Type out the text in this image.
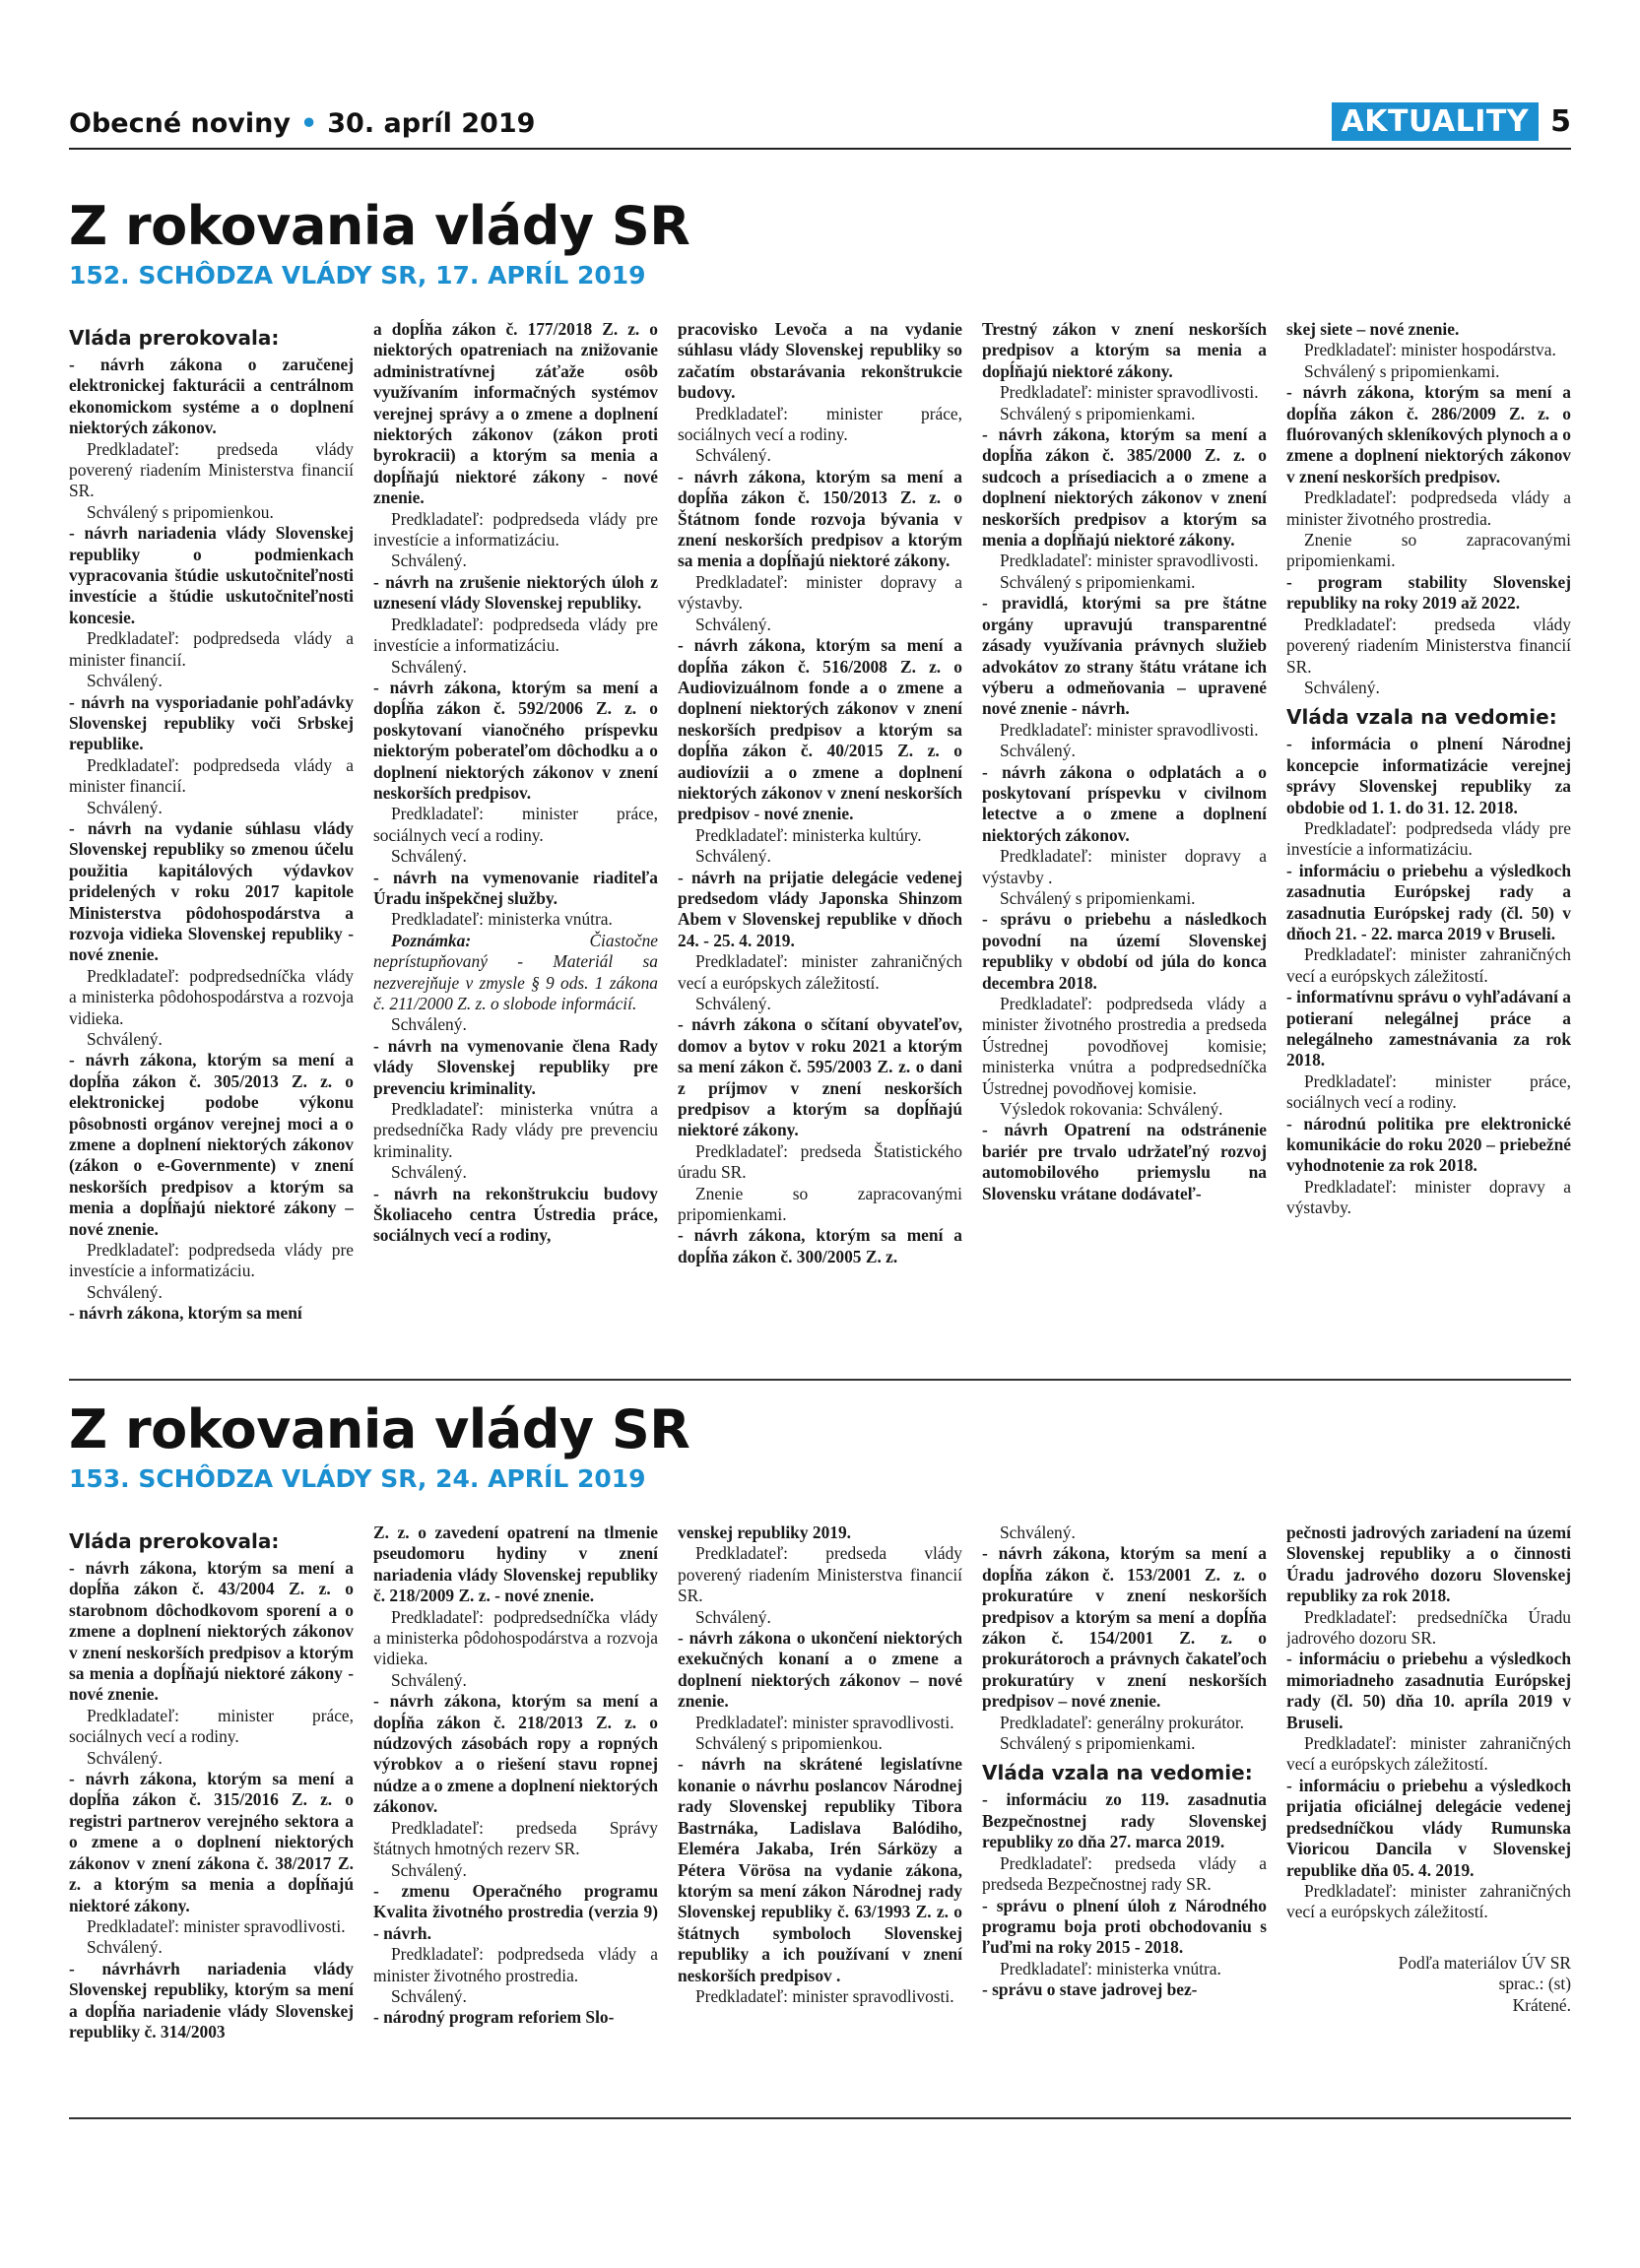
Obecné noviny • 30. apríl 2019	AKTUALITY 5
Z rokovania vlády SR
152. SCHÔDZA VLÁDY SR, 17. APRÍL 2019

Vláda prerokovala:

- návrh zákona o zaručenej elektronickej fakturácii a centrálnom ekonomickom systéme a o doplnení niektorých zákonov.

Predkladateľ: predseda vlády poverený riadením Ministerstva financií SR.

Schválený s pripomienkou.

- návrh nariadenia vlády Slovenskej republiky o podmienkach vypracovania štúdie uskutočniteľnosti investície a štúdie uskutočniteľnosti koncesie.

Predkladateľ: podpredseda vlády a minister financií.

Schválený.

- návrh na vysporiadanie pohľadávky Slovenskej republiky voči Srbskej republike.

Predkladateľ: podpredseda vlády a minister financií.

Schválený.

- návrh na vydanie súhlasu vlády Slovenskej republiky so zmenou účelu použitia kapitálových výdavkov pridelených v roku 2017 kapitole Ministerstva pôdohospodárstva a rozvoja vidieka Slovenskej republiky - nové znenie.

Predkladateľ: podpredsedníčka vlády a ministerka pôdohospodárstva a rozvoja vidieka.

Schválený.

- návrh zákona, ktorým sa mení a dopĺňa zákon č. 305/2013 Z. z. o elektronickej podobe výkonu pôsobnosti orgánov verejnej moci a o zmene a doplnení niektorých zákonov (zákon o e-Governmente) v znení neskorších predpisov a ktorým sa menia a dopĺňajú niektoré zákony – nové znenie.

Predkladateľ: podpredseda vlády pre investície a informatizáciu.

Schválený.

- návrh zákona, ktorým sa mení

a dopĺňa zákon č. 177/2018 Z. z. o niektorých opatreniach na znižovanie administratívnej záťaže osôb využívaním informačných systémov verejnej správy a o zmene a doplnení niektorých zákonov (zákon proti byrokracii) a ktorým sa menia a dopĺňajú niektoré zákony - nové znenie.

Predkladateľ: podpredseda vlády pre investície a informatizáciu.

Schválený.

- návrh na zrušenie niektorých úloh z uznesení vlády Slovenskej republiky.

Predkladateľ: podpredseda vlády pre investície a informatizáciu.

Schválený.

- návrh zákona, ktorým sa mení a dopĺňa zákon č. 592/2006 Z. z. o poskytovaní vianočného príspevku niektorým poberateľom dôchodku a o doplnení niektorých zákonov v znení neskorších predpisov.

Predkladateľ: minister práce, sociálnych vecí a rodiny.

Schválený.

- návrh na vymenovanie riaditeľa Úradu inšpekčnej služby.

Predkladateľ: ministerka vnútra.

Poznámka: Čiastočne neprístupňovaný - Materiál sa nezverejňuje v zmysle § 9 ods. 1 zákona č. 211/2000 Z. z. o slobode informácií.

Schválený.

- návrh na vymenovanie člena Rady vlády Slovenskej republiky pre prevenciu kriminality.

Predkladateľ: ministerka vnútra a predsedníčka Rady vlády pre prevenciu kriminality.

Schválený.

- návrh na rekonštrukciu budovy Školiaceho centra Ústredia práce, sociálnych vecí a rodiny,

pracovisko Levoča a na vydanie súhlasu vlády Slovenskej republiky so začatím obstarávania rekonštrukcie budovy.

Predkladateľ: minister práce, sociálnych vecí a rodiny.

Schválený.

- návrh zákona, ktorým sa mení a dopĺňa zákon č. 150/2013 Z. z. o Štátnom fonde rozvoja bývania v znení neskorších predpisov a ktorým sa menia a dopĺňajú niektoré zákony.

Predkladateľ: minister dopravy a výstavby.

Schválený.

- návrh zákona, ktorým sa mení a dopĺňa zákon č. 516/2008 Z. z. o Audiovizuálnom fonde a o zmene a doplnení niektorých zákonov v znení neskorších predpisov a ktorým sa dopĺňa zákon č. 40/2015 Z. z. o audiovízii a o zmene a doplnení niektorých zákonov v znení neskorších predpisov - nové znenie.

Predkladateľ: ministerka kultúry.

Schválený.

- návrh na prijatie delegácie vedenej predsedom vlády Japonska Shinzom Abem v Slovenskej republike v dňoch 24. - 25. 4. 2019.

Predkladateľ: minister zahraničných vecí a európskych záležitostí.

Schválený.

- návrh zákona o sčítaní obyvateľov, domov a bytov v roku 2021 a ktorým sa mení zákon č. 595/2003 Z. z. o dani z príjmov v znení neskorších predpisov a ktorým sa dopĺňajú niektoré zákony.

Predkladateľ: predseda Štatistického úradu SR.

Znenie so zapracovanými pripomienkami.

- návrh zákona, ktorým sa mení a dopĺňa zákon č. 300/2005 Z. z.

Trestný zákon v znení neskorších predpisov a ktorým sa menia a dopĺňajú niektoré zákony.

Predkladateľ: minister spravodlivosti.

Schválený s pripomienkami.

- návrh zákona, ktorým sa mení a dopĺňa zákon č. 385/2000 Z. z. o sudcoch a prísediacich a o zmene a doplnení niektorých zákonov v znení neskorších predpisov a ktorým sa menia a dopĺňajú niektoré zákony.

Predkladateľ: minister spravodlivosti.

Schválený s pripomienkami.

- pravidlá, ktorými sa pre štátne orgány upravujú transparentné zásady využívania právnych služieb advokátov zo strany štátu vrátane ich výberu a odmeňovania – upravené nové znenie - návrh.

Predkladateľ: minister spravodlivosti.

Schválený.

- návrh zákona o odplatách a o poskytovaní príspevku v civilnom letectve a o zmene a doplnení niektorých zákonov.

Predkladateľ: minister dopravy a výstavby .

Schválený s pripomienkami.

- správu o priebehu a následkoch povodní na území Slovenskej republiky v období od júla do konca decembra 2018.

Predkladateľ: podpredseda vlády a minister životného prostredia a predseda Ústrednej povodňovej komisie; ministerka vnútra a podpredsedníčka Ústrednej povodňovej komisie.

Výsledok rokovania: Schválený.

- návrh Opatrení na odstránenie bariér pre trvalo udržateľný rozvoj automobilového priemyslu na Slovensku vrátane dodávateľ-

skej siete – nové znenie.

Predkladateľ: minister hospodárstva.

Schválený s pripomienkami.

- návrh zákona, ktorým sa mení a dopĺňa zákon č. 286/2009 Z. z. o fluórovaných skleníkových plynoch a o zmene a doplnení niektorých zákonov v znení neskorších predpisov.

Predkladateľ: podpredseda vlády a minister životného prostredia.

Znenie so zapracovanými pripomienkami.

- program stability Slovenskej republiky na roky 2019 až 2022.

Predkladateľ: predseda vlády poverený riadením Ministerstva financií SR.

Schválený.

Vláda vzala na vedomie:

- informácia o plnení Národnej koncepcie informatizácie verejnej správy Slovenskej republiky za obdobie od 1. 1. do 31. 12. 2018.

Predkladateľ: podpredseda vlády pre investície a informatizáciu.

- informáciu o priebehu a výsledkoch zasadnutia Európskej rady a zasadnutia Európskej rady (čl. 50) v dňoch 21. - 22. marca 2019 v Bruseli.

Predkladateľ: minister zahraničných vecí a európskych záležitostí.

- informatívnu správu o vyhľadávaní a potieraní nelegálnej práce a nelegálneho zamestnávania za rok 2018.

Predkladateľ: minister práce, sociálnych vecí a rodiny.

- národnú politika pre elektronické komunikácie do roku 2020 – priebežné vyhodnotenie za rok 2018.

Predkladateľ: minister dopravy a výstavby.

Z rokovania vlády SR
153. SCHÔDZA VLÁDY SR, 24. APRÍL 2019

Vláda prerokovala:

- návrh zákona, ktorým sa mení a dopĺňa zákon č. 43/2004 Z. z. o starobnom dôchodkovom sporení a o zmene a doplnení niektorých zákonov v znení neskorších predpisov a ktorým sa menia a dopĺňajú niektoré zákony - nové znenie.

Predkladateľ: minister práce, sociálnych vecí a rodiny.

Schválený.

- návrh zákona, ktorým sa mení a dopĺňa zákon č. 315/2016 Z. z. o registri partnerov verejného sektora a o zmene a o doplnení niektorých zákonov v znení zákona č. 38/2017 Z. z. a ktorým sa menia a dopĺňajú niektoré zákony.

Predkladateľ: minister spravodlivosti.

Schválený.

- návrhávrh nariadenia vlády Slovenskej republiky, ktorým sa mení a dopĺňa nariadenie vlády Slovenskej republiky č. 314/2003

Z. z. o zavedení opatrení na tlmenie pseudomoru hydiny v znení nariadenia vlády Slovenskej republiky č. 218/2009 Z. z. - nové znenie.

Predkladateľ: podpredsedníčka vlády a ministerka pôdohospodárstva a rozvoja vidieka.

Schválený.

- návrh zákona, ktorým sa mení a dopĺňa zákon č. 218/2013 Z. z. o núdzových zásobách ropy a ropných výrobkov a o riešení stavu ropnej núdze a o zmene a doplnení niektorých zákonov.

Predkladateľ: predseda Správy štátnych hmotných rezerv SR.

Schválený.

- zmenu Operačného programu Kvalita životného prostredia (verzia 9) - návrh.

Predkladateľ: podpredseda vlády a minister životného prostredia.

Schválený.

- národný program reforiem Slo-

venskej republiky 2019.

Predkladateľ: predseda vlády poverený riadením Ministerstva financií SR.

Schválený.

- návrh zákona o ukončení niektorých exekučných konaní a o zmene a doplnení niektorých zákonov – nové znenie.

Predkladateľ: minister spravodlivosti.

Schválený s pripomienkou.

- návrh na skrátené legislatívne konanie o návrhu poslancov Národnej rady Slovenskej republiky Tibora Bastrnáka, Ladislava Balódiho, Eleméra Jakaba, Irén Sárközy a Pétera Vörösa na vydanie zákona, ktorým sa mení zákon Národnej rady Slovenskej republiky č. 63/1993 Z. z. o štátnych symboloch Slovenskej republiky a ich používaní v znení neskorších predpisov .

Predkladateľ: minister spravodlivosti.

Schválený.

- návrh zákona, ktorým sa mení a dopĺňa zákon č. 153/2001 Z. z. o prokuratúre v znení neskorších predpisov a ktorým sa mení a dopĺňa zákon č. 154/2001 Z. z. o prokurátoroch a právnych čakateľoch prokuratúry v znení neskorších predpisov – nové znenie.

Predkladateľ: generálny prokurátor.

Schválený s pripomienkami.

Vláda vzala na vedomie:

- informáciu zo 119. zasadnutia Bezpečnostnej rady Slovenskej republiky zo dňa 27. marca 2019.

Predkladateľ: predseda vlády a predseda Bezpečnostnej rady SR.

- správu o plnení úloh z Národného programu boja proti obchodovaniu s ľuďmi na roky 2015 - 2018.

Predkladateľ: ministerka vnútra.

- správu o stave jadrovej bez-

pečnosti jadrových zariadení na území Slovenskej republiky a o činnosti Úradu jadrového dozoru Slovenskej republiky za rok 2018.

Predkladateľ: predsedníčka Úradu jadrového dozoru SR.

- informáciu o priebehu a výsledkoch mimoriadneho zasadnutia Európskej rady (čl. 50) dňa 10. apríla 2019 v Bruseli.

Predkladateľ: minister zahraničných vecí a európskych záležitostí.

- informáciu o priebehu a výsledkoch prijatia oficiálnej delegácie vedenej predsedníčkou vlády Rumunska Vioricou Dancila v Slovenskej republike dňa 05. 4. 2019.

Predkladateľ: minister zahraničných vecí a európskych záležitostí.

Podľa materiálov ÚV SR

sprac.: (st)

Krátené.
